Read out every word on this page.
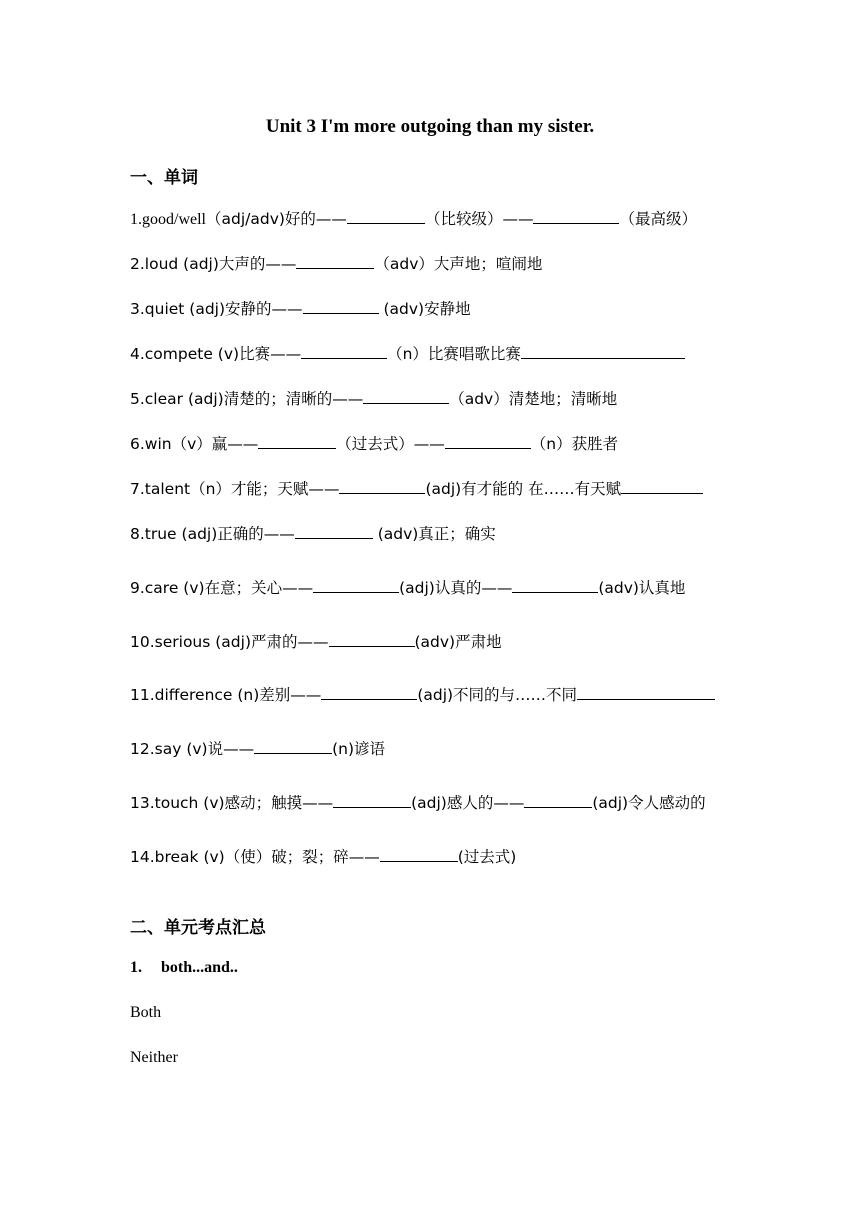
Unit 3 I'm more outgoing than my sister.
一、单词
1.good/well（adj/adv)好的——	（比较级）——	（最高级）
2.loud (adj)大声的——	（adv）大声地；喧闹地
3.quiet (adj)安静的——	(adv)安静地
4.compete (v)比赛——	（n）比赛唱歌比赛
5.clear (adj)清楚的；清晰的——	（adv）清楚地；清晰地
6.win（v）赢——	（过去式）——	（n）获胜者
7.talent（n）才能；天赋——	(adj)有才能的 在……有天赋
8.true (adj)正确的——	(adv)真正；确实
9.care (v)在意；关心——	(adj)认真的——	(adv)认真地
10.serious (adj)严肃的——	(adv)严肃地
11.difference (n)差别——	(adj)不同的与……不同
12.say (v)说——	(n)谚语
13.touch (v)感动；触摸——	(adj)感人的——	(adj)令人感动的
14.break (v)（使）破；裂；碎——	(过去式)
二、单元考点汇总
1. both...and..
Both
Neither
